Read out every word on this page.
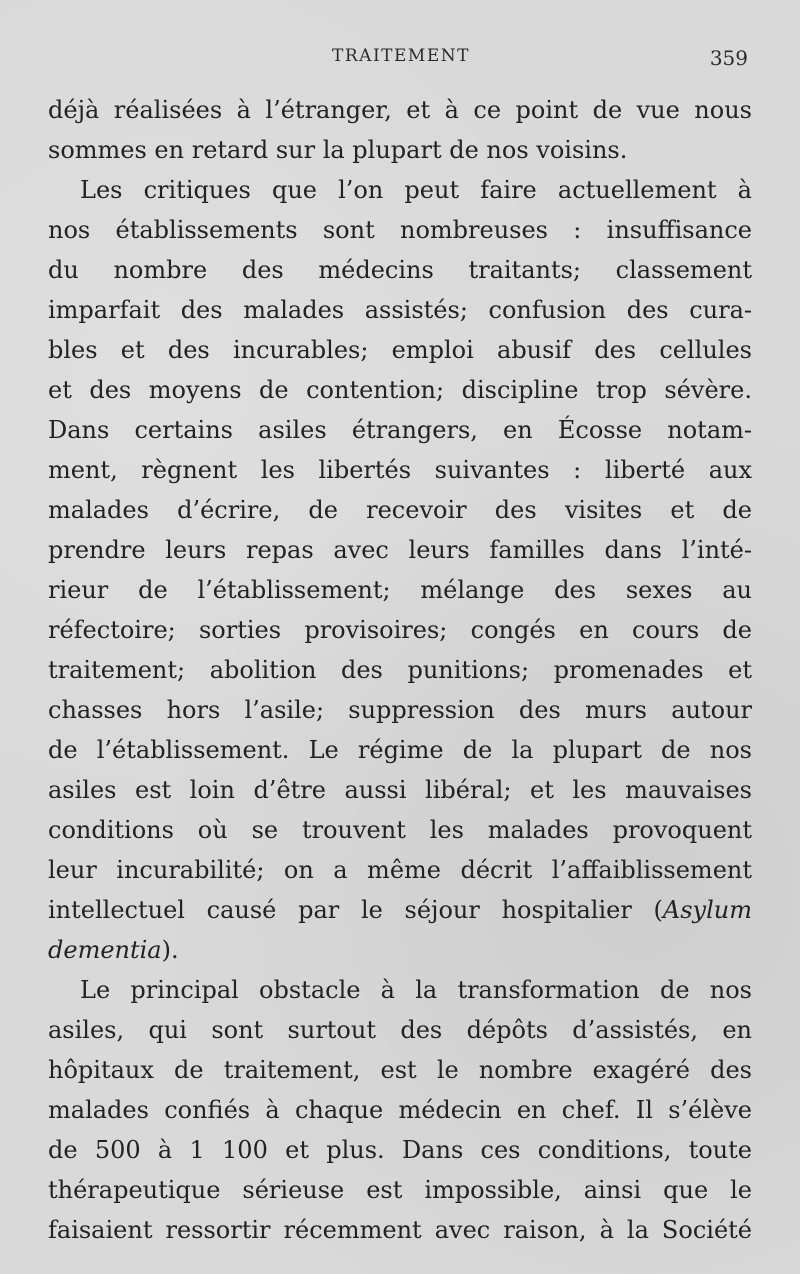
TRAITEMENT	359
déjà réalisées à l’étranger, et à ce point de vue nous
sommes en retard sur la plupart de nos voisins.
Les critiques que l’on peut faire actuellement à
nos établissements sont nombreuses : insuffisance
du nombre des médecins traitants; classement
imparfait des malades assistés; confusion des cura-
bles et des incurables; emploi abusif des cellules
et des moyens de contention; discipline trop sévère.
Dans certains asiles étrangers, en Écosse notam-
ment, règnent les libertés suivantes : liberté aux
malades d’écrire, de recevoir des visites et de
prendre leurs repas avec leurs familles dans l’inté-
rieur de l’établissement; mélange des sexes au
réfectoire; sorties provisoires; congés en cours de
traitement; abolition des punitions; promenades et
chasses hors l’asile; suppression des murs autour
de l’établissement. Le régime de la plupart de nos
asiles est loin d’être aussi libéral; et les mauvaises
conditions où se trouvent les malades provoquent
leur incurabilité; on a même décrit l’affaiblissement
intellectuel causé par le séjour hospitalier (Asylum
dementia).
Le principal obstacle à la transformation de nos
asiles, qui sont surtout des dépôts d’assistés, en
hôpitaux de traitement, est le nombre exagéré des
malades confiés à chaque médecin en chef. Il s’élève
de 500 à 1 100 et plus. Dans ces conditions, toute
thérapeutique sérieuse est impossible, ainsi que le
faisaient ressortir récemment avec raison, à la Société
